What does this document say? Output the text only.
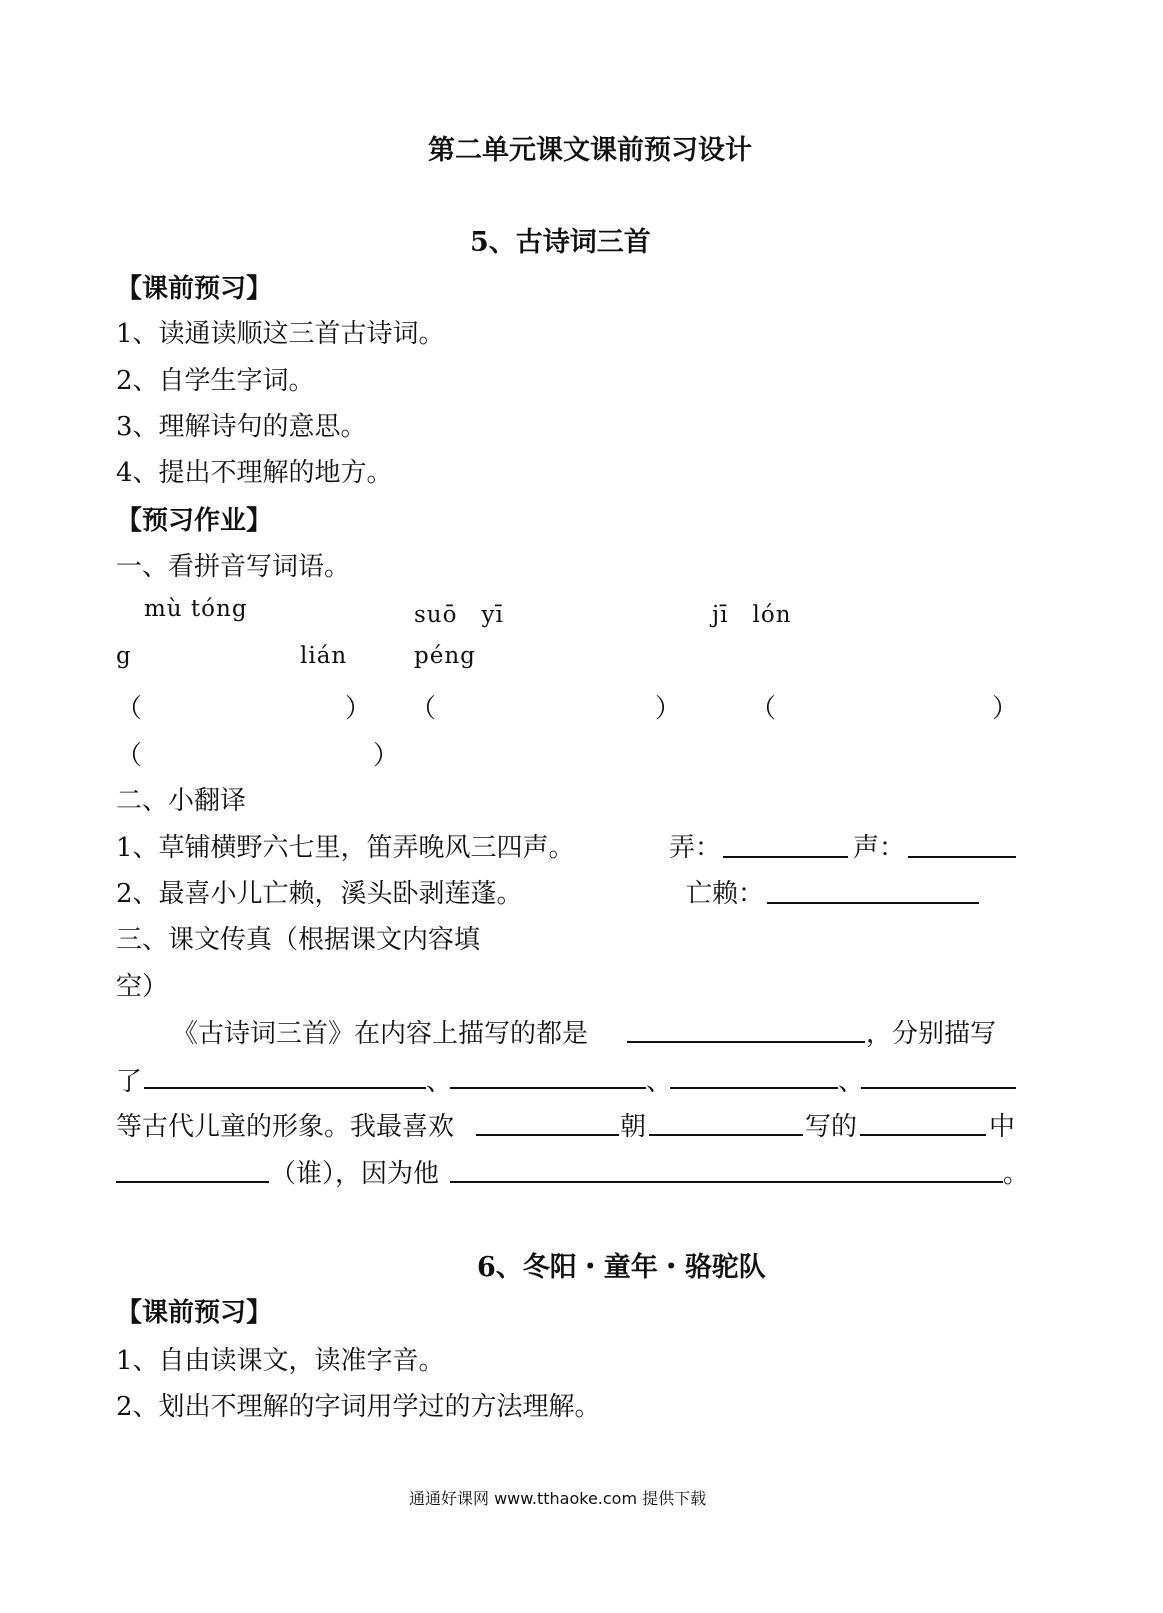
第二单元课文课前预习设计
5、古诗词三首
【课前预习】
1、读通读顺这三首古诗词。
2、自学生字词。
3、理解诗句的意思。
4、提出不理解的地方。
【预习作业】
一、看拼音写词语。
mù tóng	suō　yī	jī　lón
g	lián	péng
（	） （	）	（	）
（	）
二、小翻译
1、草铺横野六七里，笛弄晚风三四声。	弄：	声：
2、最喜小儿亡赖，溪头卧剥莲蓬。	亡赖：
三、课文传真（根据课文内容填
空）
《古诗词三首》在内容上描写的都是	，分别描写
了	、	、	、
等古代儿童的形象。我最喜欢	朝	写的	中
（谁），因为他	。
6、冬阳・童年・骆驼队
【课前预习】
1、自由读课文，读准字音。
2、划出不理解的字词用学过的方法理解。
通通好课网 www.tthaoke.com 提供下载
